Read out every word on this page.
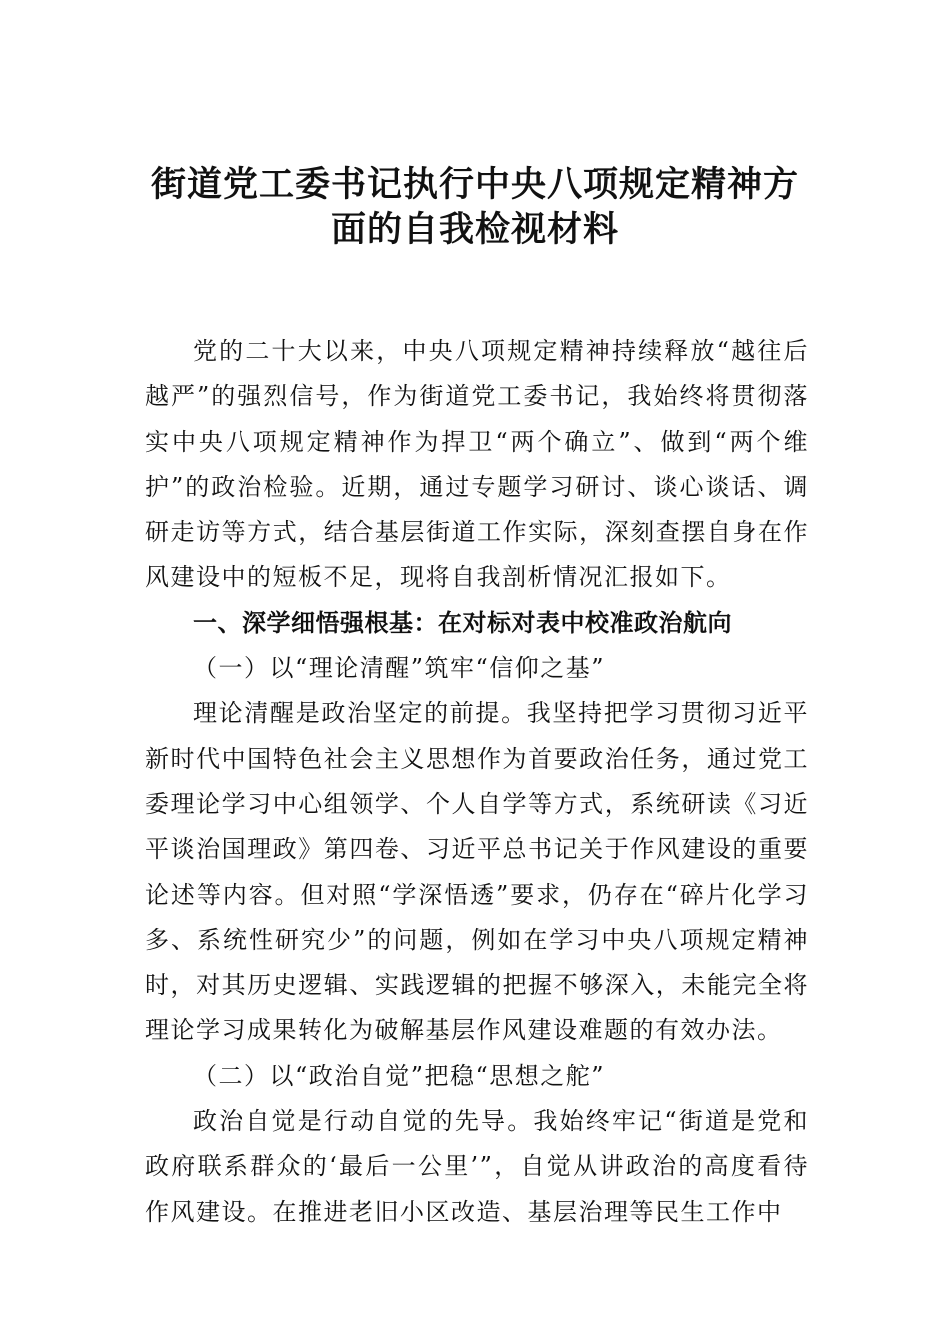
街道党工委书记执行中央八项规定精神方
面的自我检视材料

党的二十大以来，中央八项规定精神持续释放“越往后越严”的强烈信号，作为街道党工委书记，我始终将贯彻落实中央八项规定精神作为捍卫“两个确立”、做到“两个维护”的政治检验。近期，通过专题学习研讨、谈心谈话、调研走访等方式，结合基层街道工作实际，深刻查摆自身在作风建设中的短板不足，现将自我剖析情况汇报如下。

一、深学细悟强根基：在对标对表中校准政治航向
（一）以“理论清醒”筑牢“信仰之基”

理论清醒是政治坚定的前提。我坚持把学习贯彻习近平新时代中国特色社会主义思想作为首要政治任务，通过党工委理论学习中心组领学、个人自学等方式，系统研读《习近平谈治国理政》第四卷、习近平总书记关于作风建设的重要论述等内容。但对照“学深悟透”要求，仍存在“碎片化学习多、系统性研究少”的问题，例如在学习中央八项规定精神时，对其历史逻辑、实践逻辑的把握不够深入，未能完全将理论学习成果转化为破解基层作风建设难题的有效办法。

（二）以“政治自觉”把稳“思想之舵”

政治自觉是行动自觉的先导。我始终牢记“街道是党和政府联系群众的‘最后一公里’”，自觉从讲政治的高度看待作风建设。在推进老旧小区改造、基层治理等民生工作中
